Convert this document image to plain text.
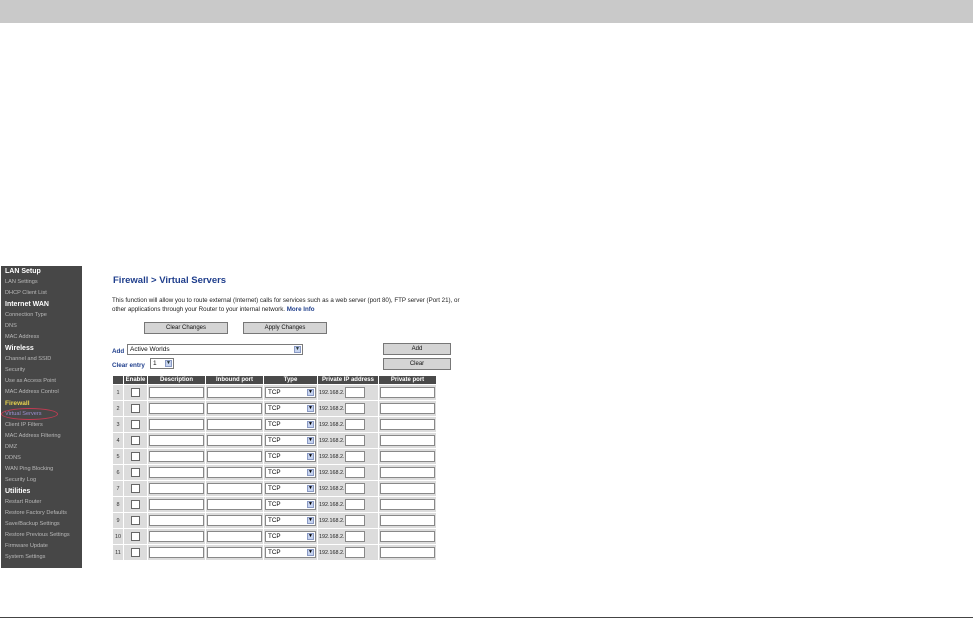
LAN Setup
LAN Settings
DHCP Client List
Internet WAN
Connection Type
DNS
MAC Address
Wireless
Channel and SSID
Security
Use as Access Point
MAC Address Control
Firewall
Virtual Servers
Client IP Filters
MAC Address Filtering
DMZ
DDNS
WAN Ping Blocking
Security Log
Utilities
Restart Router
Restore Factory Defaults
Save/Backup Settings
Restore Previous Settings
Firmware Update
System Settings
Firewall > Virtual Servers
This function will allow you to route external (Internet) calls for services such as a web server (port 80), FTP server (Port 21), or other applications through your Router to your internal network. More Info
Clear Changes	Apply Changes
Add Active Worlds	▼	Add
Clear entry	1 ▼	Clear
	Enable	Description	Inbound port	Type	Private IP address	Private port
1				TCP ▼	192.168.2.	

2				TCP ▼	192.168.2.	

3				TCP ▼	192.168.2.	

4				TCP ▼	192.168.2.	

5				TCP ▼	192.168.2.	

6				TCP ▼	192.168.2.	

7				TCP ▼	192.168.2.	

8				TCP ▼	192.168.2.	

9				TCP ▼	192.168.2.	

10				TCP ▼	192.168.2.	

11				TCP ▼	192.168.2.	
